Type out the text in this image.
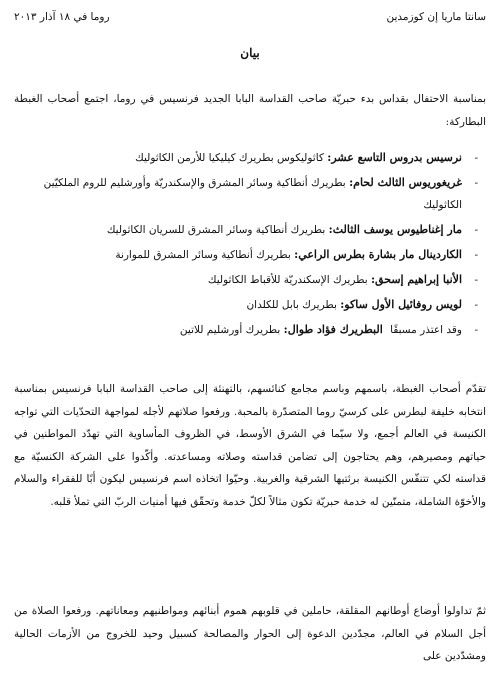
سانتا ماريا إن كوزمدين
روما في ١٨ آذار ٢٠١٣
بيان

بمناسبة الاحتفال بقداس بدء حبريّة صاحب القداسة البابا الجديد فرنسيس في روما، اجتمع أصحاب الغبطة البطاركة:

-
نرسيس بدروس التاسع عشر: كاثوليكوس بطريرك كيليكيا للأرمن الكاثوليك
-
غريغوريوس الثالث لحام: بطريرك أنطاكية وسائر المشرق والإسكندريّة وأورشليم للروم الملكيّين الكاثوليك
-
مار إغناطيوس يوسف الثالث: بطريرك أنطاكية وسائر المشرق للسريان الكاثوليك
-
الكاردينال مار بشارة بطرس الراعي: بطريرك أنطاكية وسائر المشرق للموارنة
-
الأنبا إبراهيم إسحق: بطريرك الإسكندريّة للأقباط الكاثوليك
-
لويس روفائيل الأول ساكو: بطريرك بابل للكلدان
-
وقد اعتذر مسبقًا البطريرك فؤاد طوال: بطريرك أورشليم للاتين

تقدّم أصحاب الغبطة، باسمهم وباسم مجامع كنائسهم، بالتهنئة إلى صاحب القداسة البابا فرنسيس بمناسبة انتخابه خليفة لبطرس على كرسيّ روما المتصدّرة بالمحبة. ورفعوا صلاتهم لأجله لمواجهة التحدّيات التي تواجه الكنيسة في العالم أجمع، ولا سيّما في الشرق الأوسط، في الظروف المأساوية التي تهدّد المواطنين في حياتهم ومصيرهم، وهم يحتاجون إلى تضامن قداسته وصلاته ومساعدته. وأكّدوا على الشركة الكنسيّة مع قداسته لكي تتنفّس الكنيسة برئتيها الشرقية والغربية. وحيّوا اتخاذه اسم فرنسيس ليكون أبًا للفقراء والسلام والأخوّة الشاملة، متمنّين له خدمة حبريّة تكون مثالاً لكلّ خدمة وتحقّق فيها أمنيات الربّ التي تملأ قلبه.

ثمّ تداولوا أوضاع أوطانهم المقلقة، حاملين في قلوبهم هموم أبنائهم ومواطنيهم ومعاناتهم. ورفعوا الصلاة من أجل السلام في العالم، مجدّدين الدعوة إلى الحوار والمصالحة كسبيل وحيد للخروج من الأزمات الحالية ومشدّدين على
